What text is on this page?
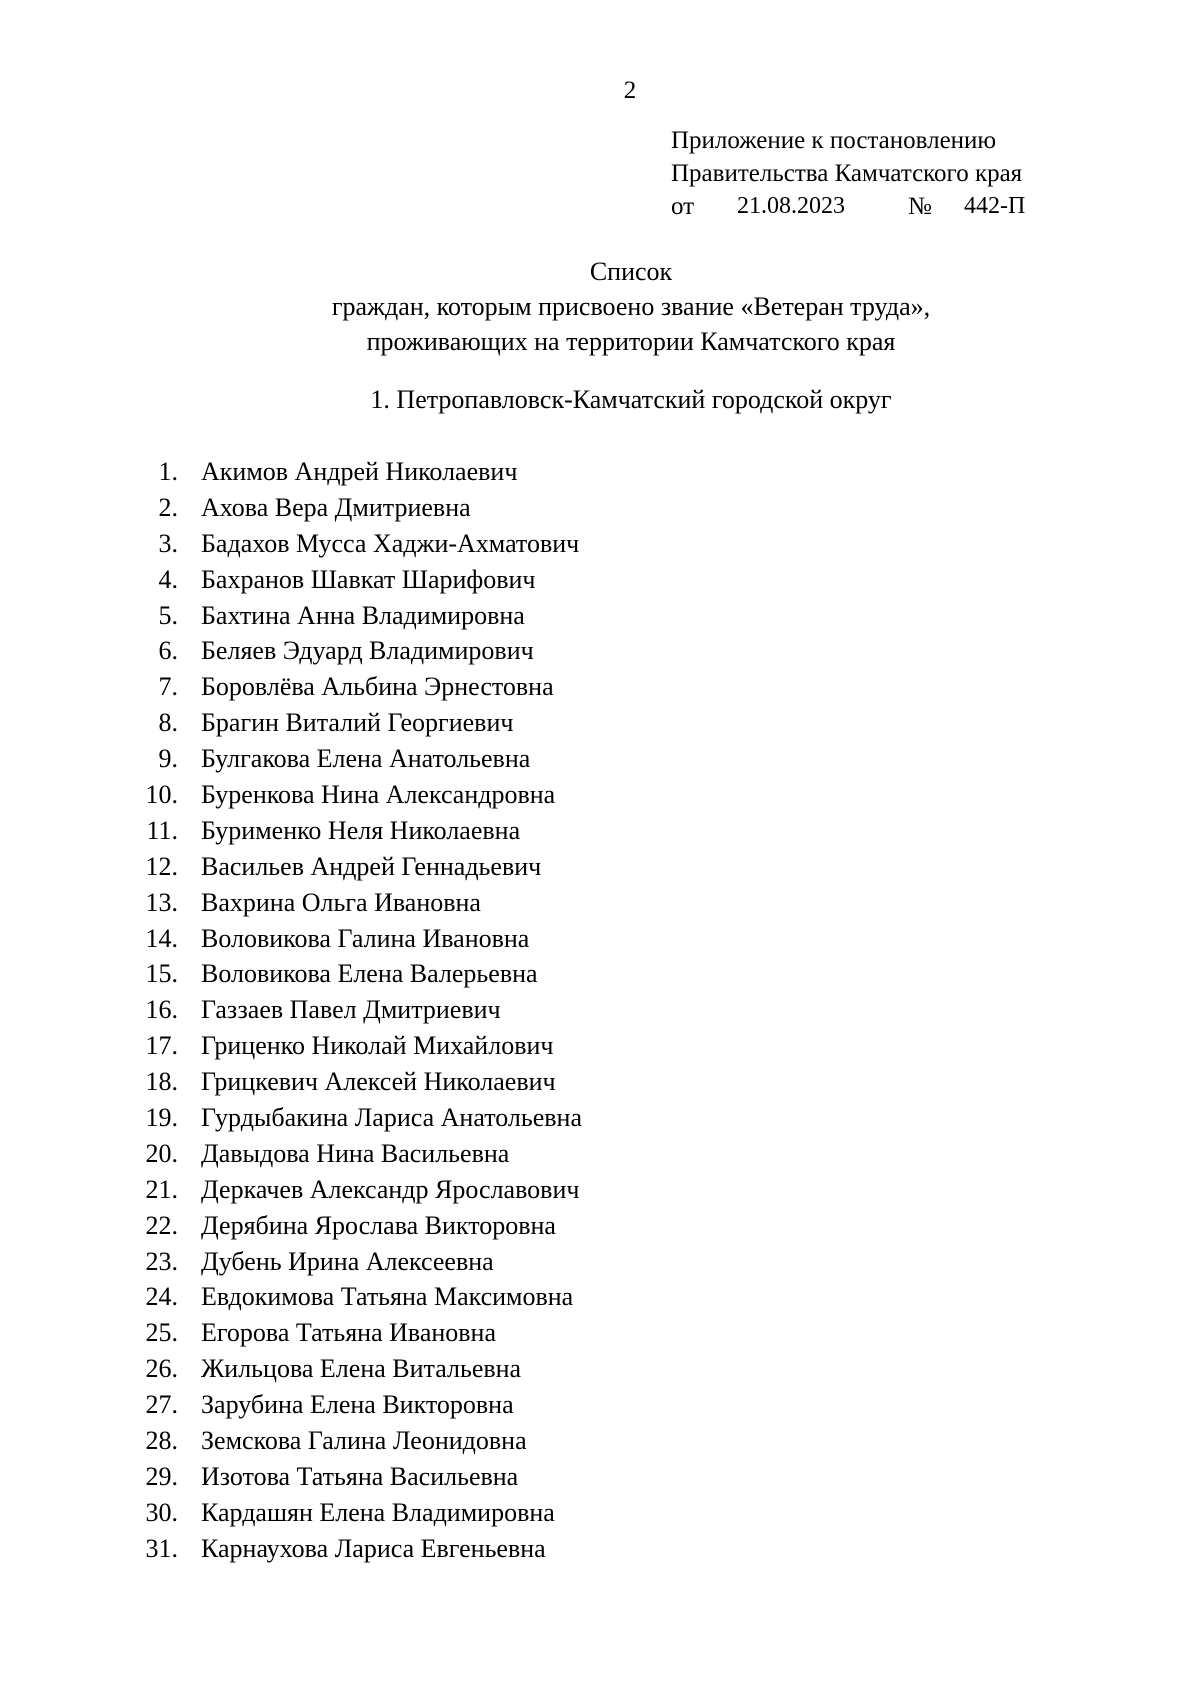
2
Приложение к постановлению
Правительства Камчатского края
от 21.08.2023	№ 442-П
Список
граждан, которым присвоено звание «Ветеран труда»,
проживающих на территории Камчатского края
1. Петропавловск-Камчатский городской округ
1. Акимов Андрей Николаевич
2. Ахова Вера Дмитриевна
3. Бадахов Мусса Хаджи-Ахматович
4. Бахранов Шавкат Шарифович
5. Бахтина Анна Владимировна
6. Беляев Эдуард Владимирович
7. Боровлёва Альбина Эрнестовна
8. Брагин Виталий Георгиевич
9. Булгакова Елена Анатольевна
10. Буренкова Нина Александровна
11. Бурименко Неля Николаевна
12. Васильев Андрей Геннадьевич
13. Вахрина Ольга Ивановна
14. Воловикова Галина Ивановна
15. Воловикова Елена Валерьевна
16. Газзаев Павел Дмитриевич
17. Гриценко Николай Михайлович
18. Грицкевич Алексей Николаевич
19. Гурдыбакина Лариса Анатольевна
20. Давыдова Нина Васильевна
21. Деркачев Александр Ярославович
22. Дерябина Ярослава Викторовна
23. Дубень Ирина Алексеевна
24. Евдокимова Татьяна Максимовна
25. Егорова Татьяна Ивановна
26. Жильцова Елена Витальевна
27. Зарубина Елена Викторовна
28. Земскова Галина Леонидовна
29. Изотова Татьяна Васильевна
30. Кардашян Елена Владимировна
31. Карнаухова Лариса Евгеньевна
